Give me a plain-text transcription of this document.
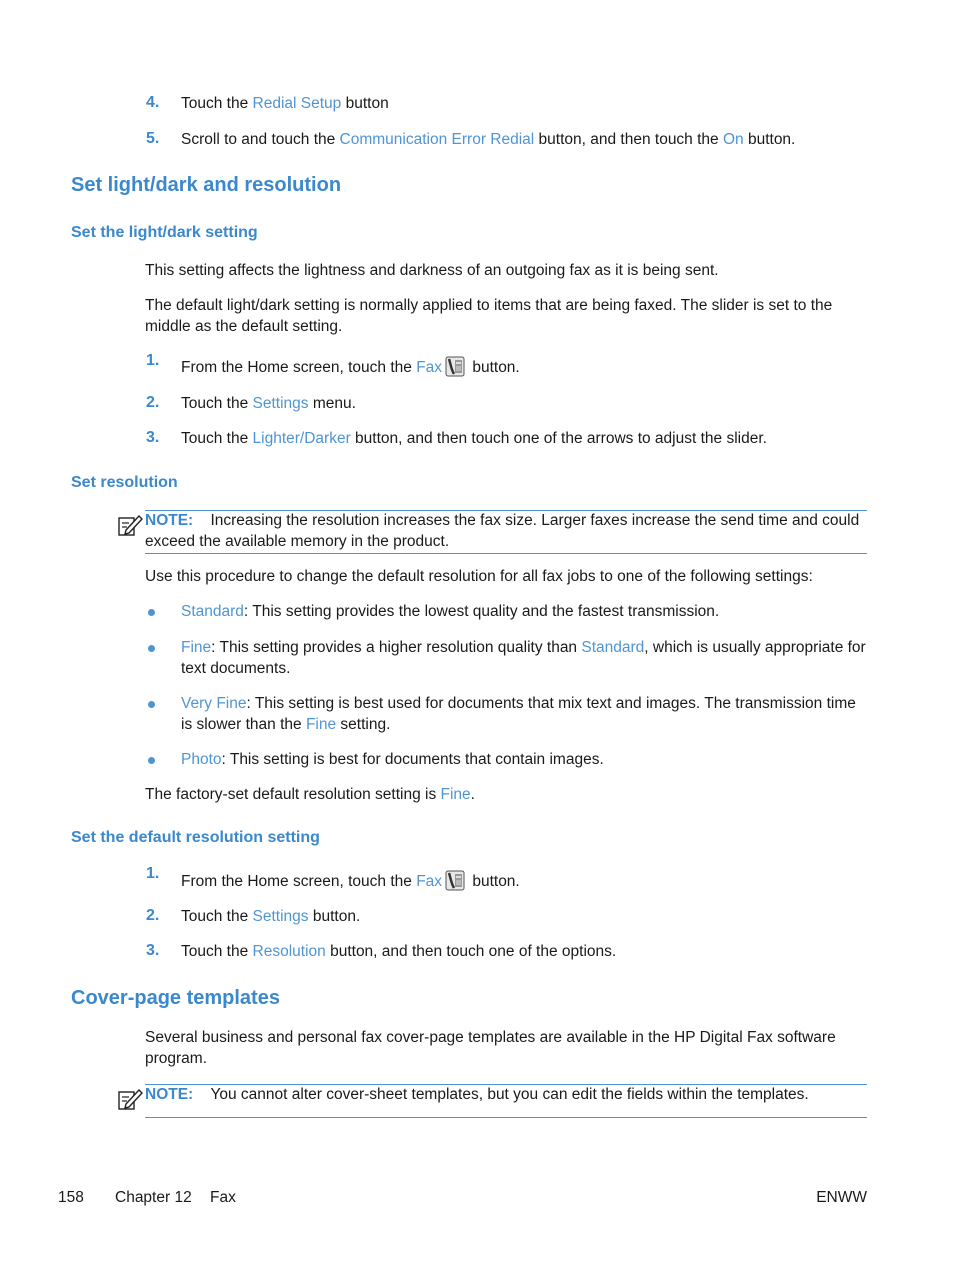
4. Touch the Redial Setup button
5. Scroll to and touch the Communication Error Redial button, and then touch the On button.
Set light/dark and resolution
Set the light/dark setting
This setting affects the lightness and darkness of an outgoing fax as it is being sent.
The default light/dark setting is normally applied to items that are being faxed. The slider is set to the middle as the default setting.
1. From the Home screen, touch the Fax button.
2. Touch the Settings menu.
3. Touch the Lighter/Darker button, and then touch one of the arrows to adjust the slider.
Set resolution
NOTE: Increasing the resolution increases the fax size. Larger faxes increase the send time and could exceed the available memory in the product.
Use this procedure to change the default resolution for all fax jobs to one of the following settings:
Standard: This setting provides the lowest quality and the fastest transmission.
Fine: This setting provides a higher resolution quality than Standard, which is usually appropriate for text documents.
Very Fine: This setting is best used for documents that mix text and images. The transmission time is slower than the Fine setting.
Photo: This setting is best for documents that contain images.
The factory-set default resolution setting is Fine.
Set the default resolution setting
1. From the Home screen, touch the Fax button.
2. Touch the Settings button.
3. Touch the Resolution button, and then touch one of the options.
Cover-page templates
Several business and personal fax cover-page templates are available in the HP Digital Fax software program.
NOTE: You cannot alter cover-sheet templates, but you can edit the fields within the templates.
158 Chapter 12 Fax	ENWW
